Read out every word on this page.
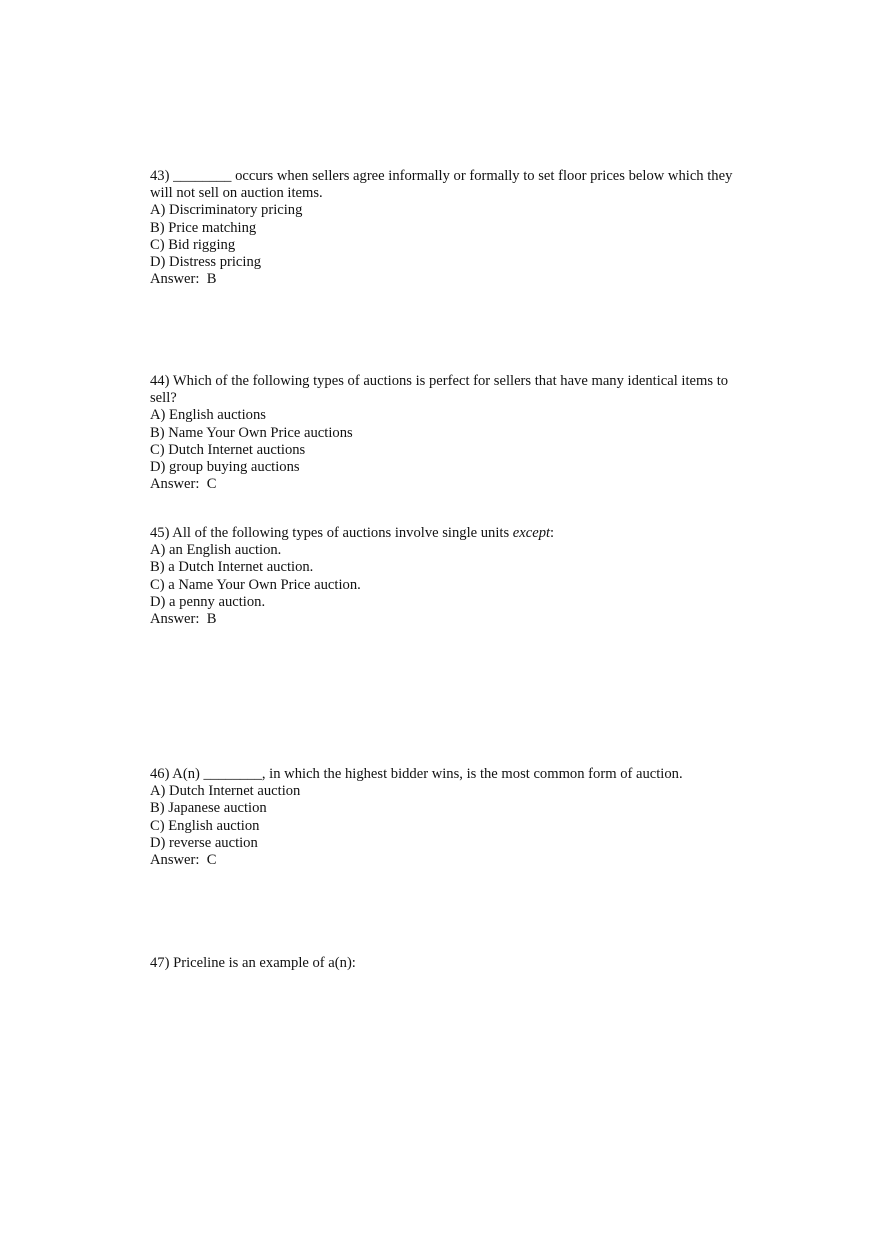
43) ________ occurs when sellers agree informally or formally to set floor prices below which they will not sell on auction items.
A) Discriminatory pricing
B) Price matching
C) Bid rigging
D) Distress pricing
Answer:  B
44) Which of the following types of auctions is perfect for sellers that have many identical items to sell?
A) English auctions
B) Name Your Own Price auctions
C) Dutch Internet auctions
D) group buying auctions
Answer:  C
45) All of the following types of auctions involve single units except:
A) an English auction.
B) a Dutch Internet auction.
C) a Name Your Own Price auction.
D) a penny auction.
Answer:  B
46) A(n) ________, in which the highest bidder wins, is the most common form of auction.
A) Dutch Internet auction
B) Japanese auction
C) English auction
D) reverse auction
Answer:  C
47) Priceline is an example of a(n):
